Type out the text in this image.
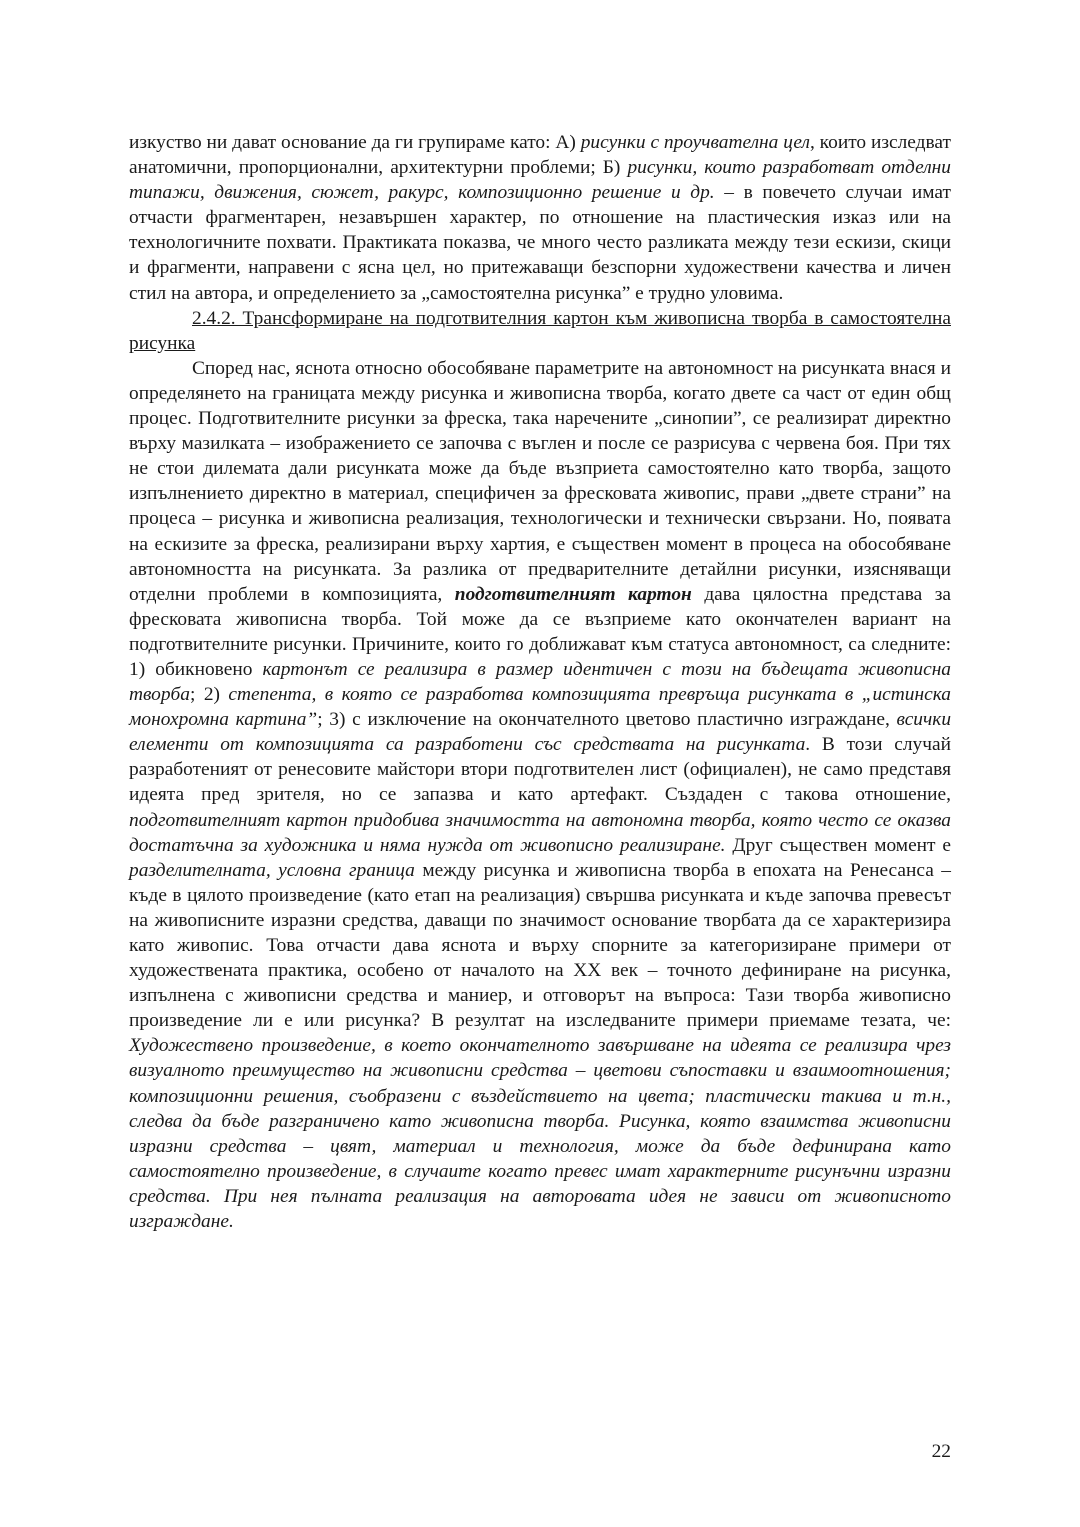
изкуство ни дават основание да ги групираме като: А) рисунки с проучвателна цел, които изследват анатомични, пропорционални, архитектурни проблеми; Б) рисунки, които разработват отделни типажи, движения, сюжет, ракурс, композиционно решение и др. – в повечето случаи имат отчасти фрагментарен, незавършен характер, по отношение на пластическия изказ или на технологичните похвати. Практиката показва, че много често разликата между тези ескизи, скици и фрагменти, направени с ясна цел, но притежаващи безспорни художествени качества и личен стил на автора, и определението за „самостоятелна рисунка” е трудно уловима.

2.4.2. Трансформиране на подготвителния картон към живописна творба в самостоятелна рисунка

Според нас, яснота относно обособяване параметрите на автономност на рисунката внася и определянето на границата между рисунка и живописна творба, когато двете са част от един общ процес. Подготвителните рисунки за фреска, така наречените „синопии”, се реализират директно върху мазилката – изображението се започва с въглен и после се разрисува с червена боя. При тях не стои дилемата дали рисунката може да бъде възприета самостоятелно като творба, защото изпълнението директно в материал, специфичен за фресковата живопис, прави „двете страни” на процеса – рисунка и живописна реализация, технологически и технически свързани. Но, появата на ескизите за фреска, реализирани върху хартия, е съществен момент в процеса на обособяване автономността на рисунката. За разлика от предварителните детайлни рисунки, изясняващи отделни проблеми в композицията, подготвителният картон дава цялостна представа за фресковата живописна творба. Той може да се възприеме като окончателен вариант на подготвителните рисунки. Причините, които го доближават към статуса автономност, са следните: 1) обикновено картонът се реализира в размер идентичен с този на бъдещата живописна творба; 2) степента, в която се разработва композицията превръща рисунката в „истинска монохромна картина”; 3) с изключение на окончателното цветово пластично изграждане, всички елементи от композицията са разработени със средствата на рисунката. В този случай разработеният от ренесовите майстори втори подготвителен лист (официален), не само представя идеята пред зрителя, но се запазва и като артефакт. Създаден с такова отношение, подготвителният картон придобива значимостта на автономна творба, която често се оказва достатъчна за художника и няма нужда от живописно реализиране. Друг съществен момент е разделителната, условна граница между рисунка и живописна творба в епохата на Ренесанса – къде в цялото произведение (като етап на реализация) свършва рисунката и къде започва превесът на живописните изразни средства, даващи по значимост основание творбата да се характеризира като живопис. Това отчасти дава яснота и върху спорните за категоризиране примери от художествената практика, особено от началото на XX век – точното дефиниране на рисунка, изпълнена с живописни средства и маниер, и отговорът на въпроса: Тази творба живописно произведение ли е или рисунка? В резултат на изследваните примери приемаме тезата, че: Художествено произведение, в което окончателното завършване на идеята се реализира чрез визуалното преимущество на живописни средства – цветови съпоставки и взаимоотношения; композиционни решения, съобразени с въздействието на цвета; пластически такива и т.н., следва да бъде разграничено като живописна творба. Рисунка, която взаимства живописни изразни средства – цвят, материал и технология, може да бъде дефинирана като самостоятелно произведение, в случаите когато превес имат характерните рисунъчни изразни средства. При нея пълната реализация на авторовата идея не зависи от живописното изграждане.

22
